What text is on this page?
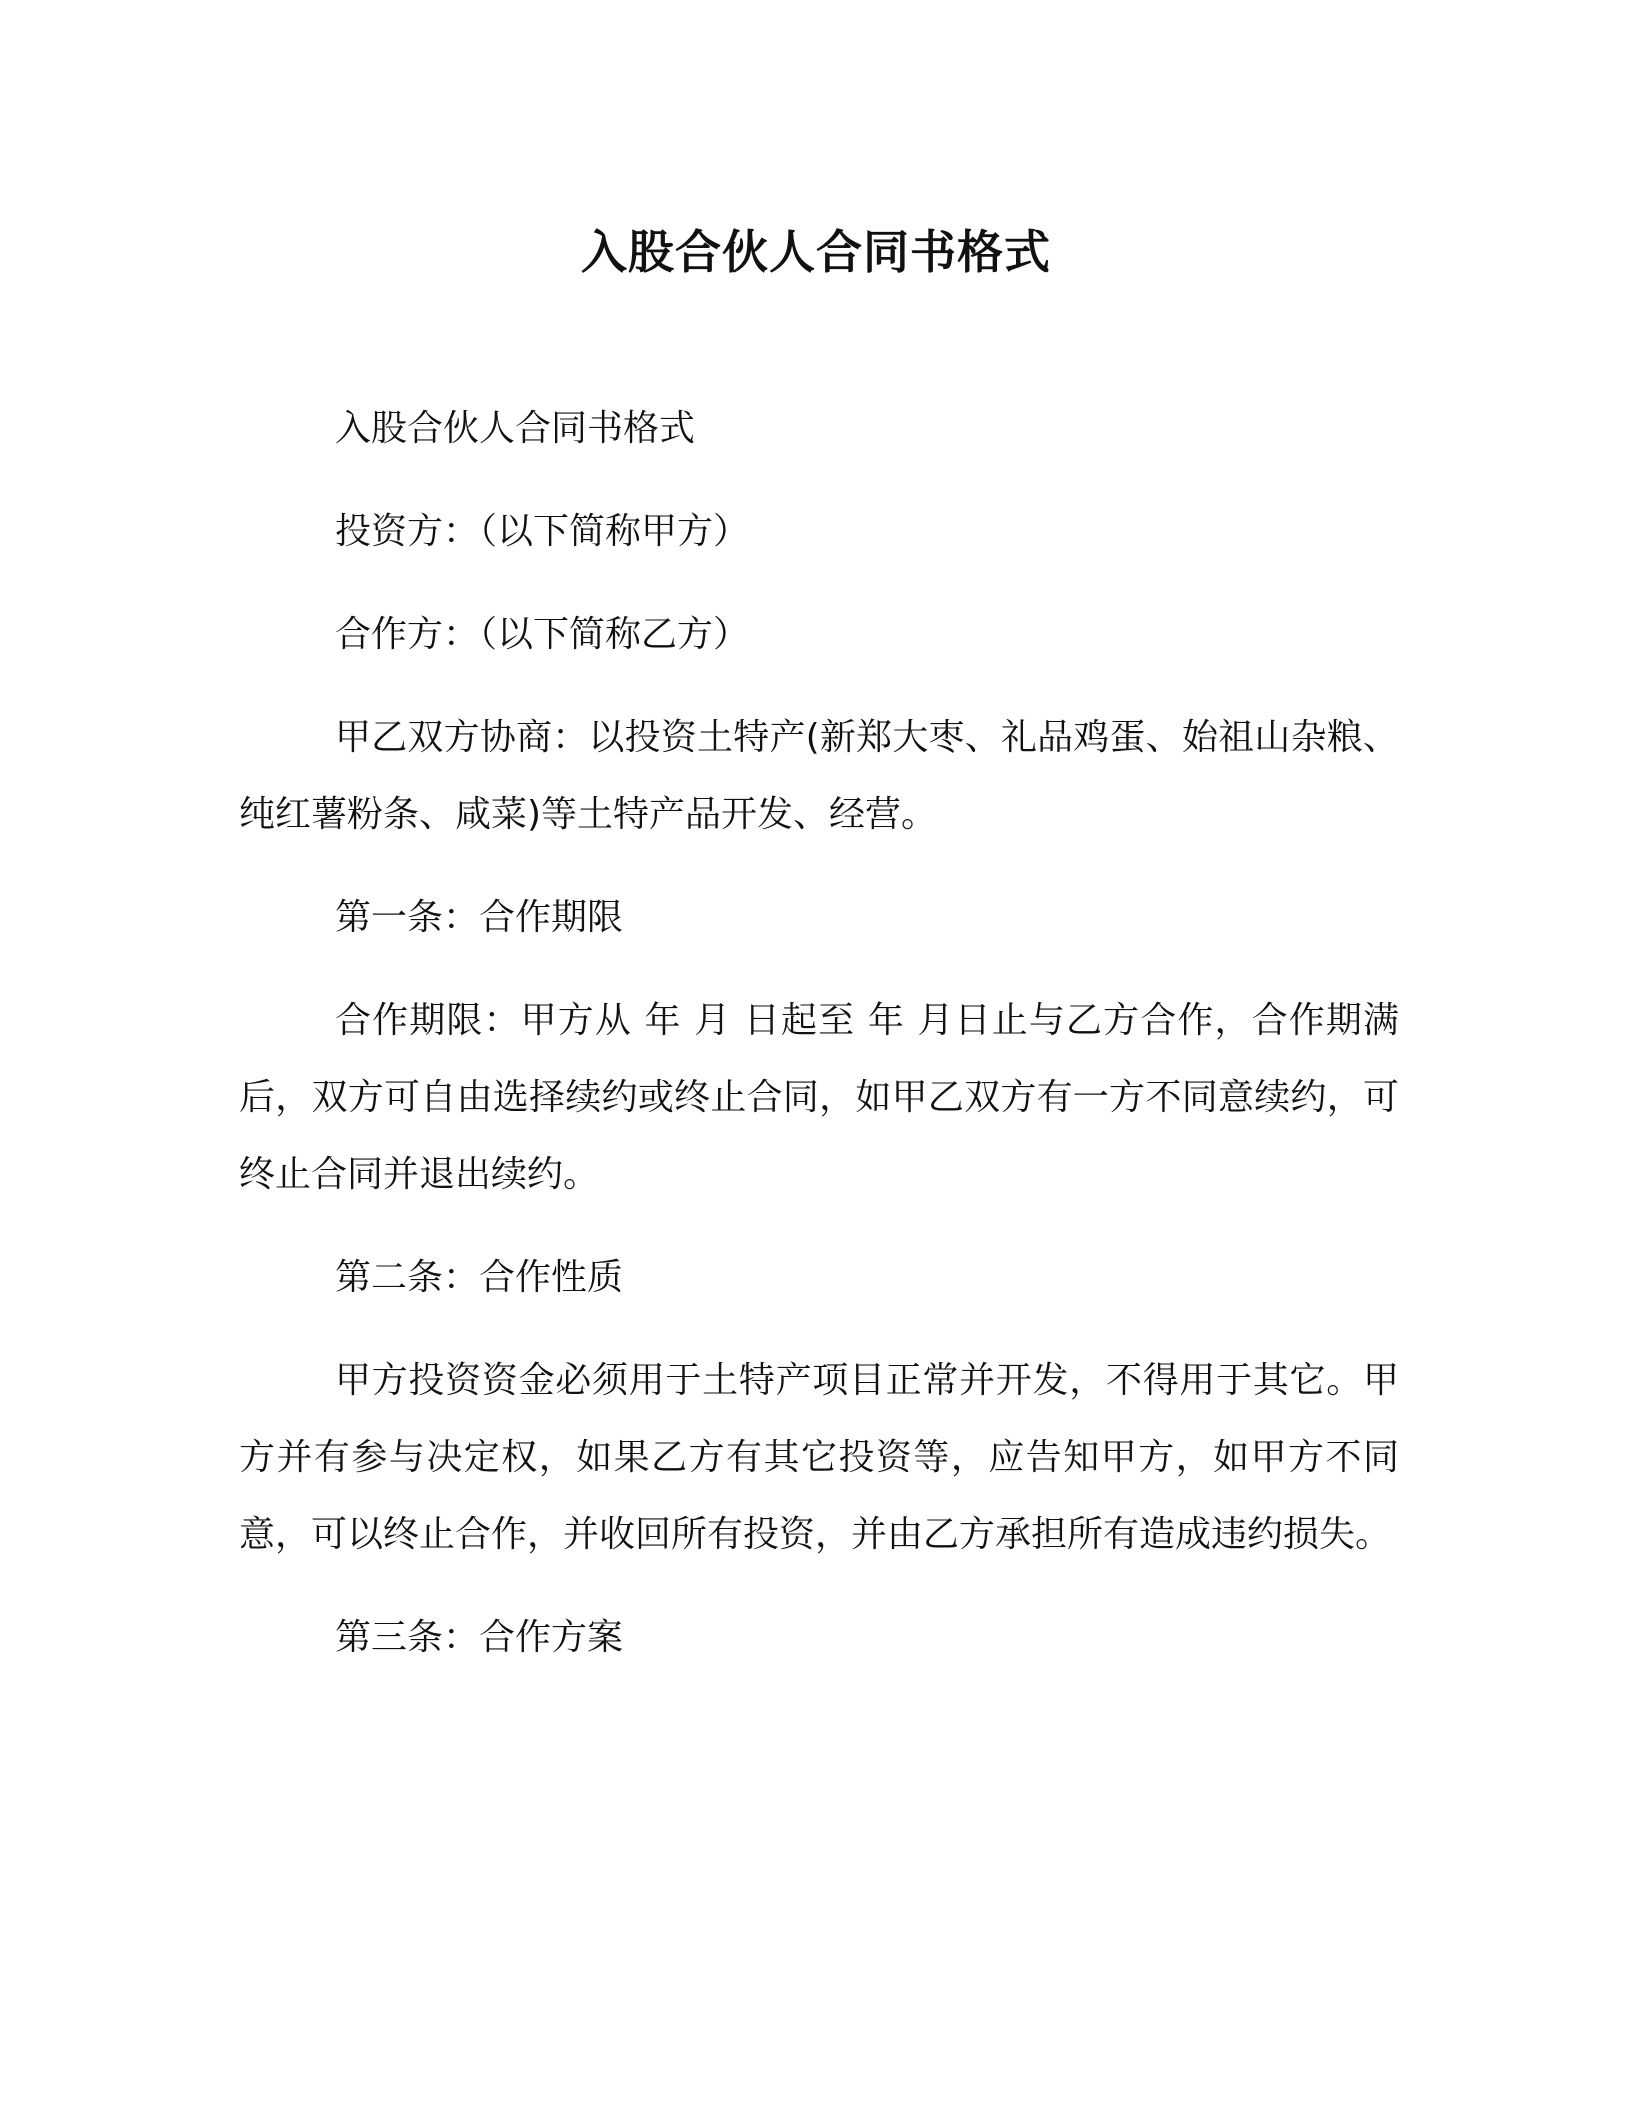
入股合伙人合同书格式

入股合伙人合同书格式

投资方：（以下简称甲方）

合作方：（以下简称乙方）

甲乙双方协商：以投资土特产(新郑大枣、礼品鸡蛋、始祖山杂粮、纯红薯粉条、咸菜)等土特产品开发、经营。

第一条：合作期限

合作期限：甲方从 年 月 日起至 年 月日止与乙方合作，合作期满后，双方可自由选择续约或终止合同，如甲乙双方有一方不同意续约，可终止合同并退出续约。

第二条：合作性质

甲方投资资金必须用于土特产项目正常并开发，不得用于其它。甲方并有参与决定权，如果乙方有其它投资等，应告知甲方，如甲方不同意，可以终止合作，并收回所有投资，并由乙方承担所有造成违约损失。

第三条：合作方案
